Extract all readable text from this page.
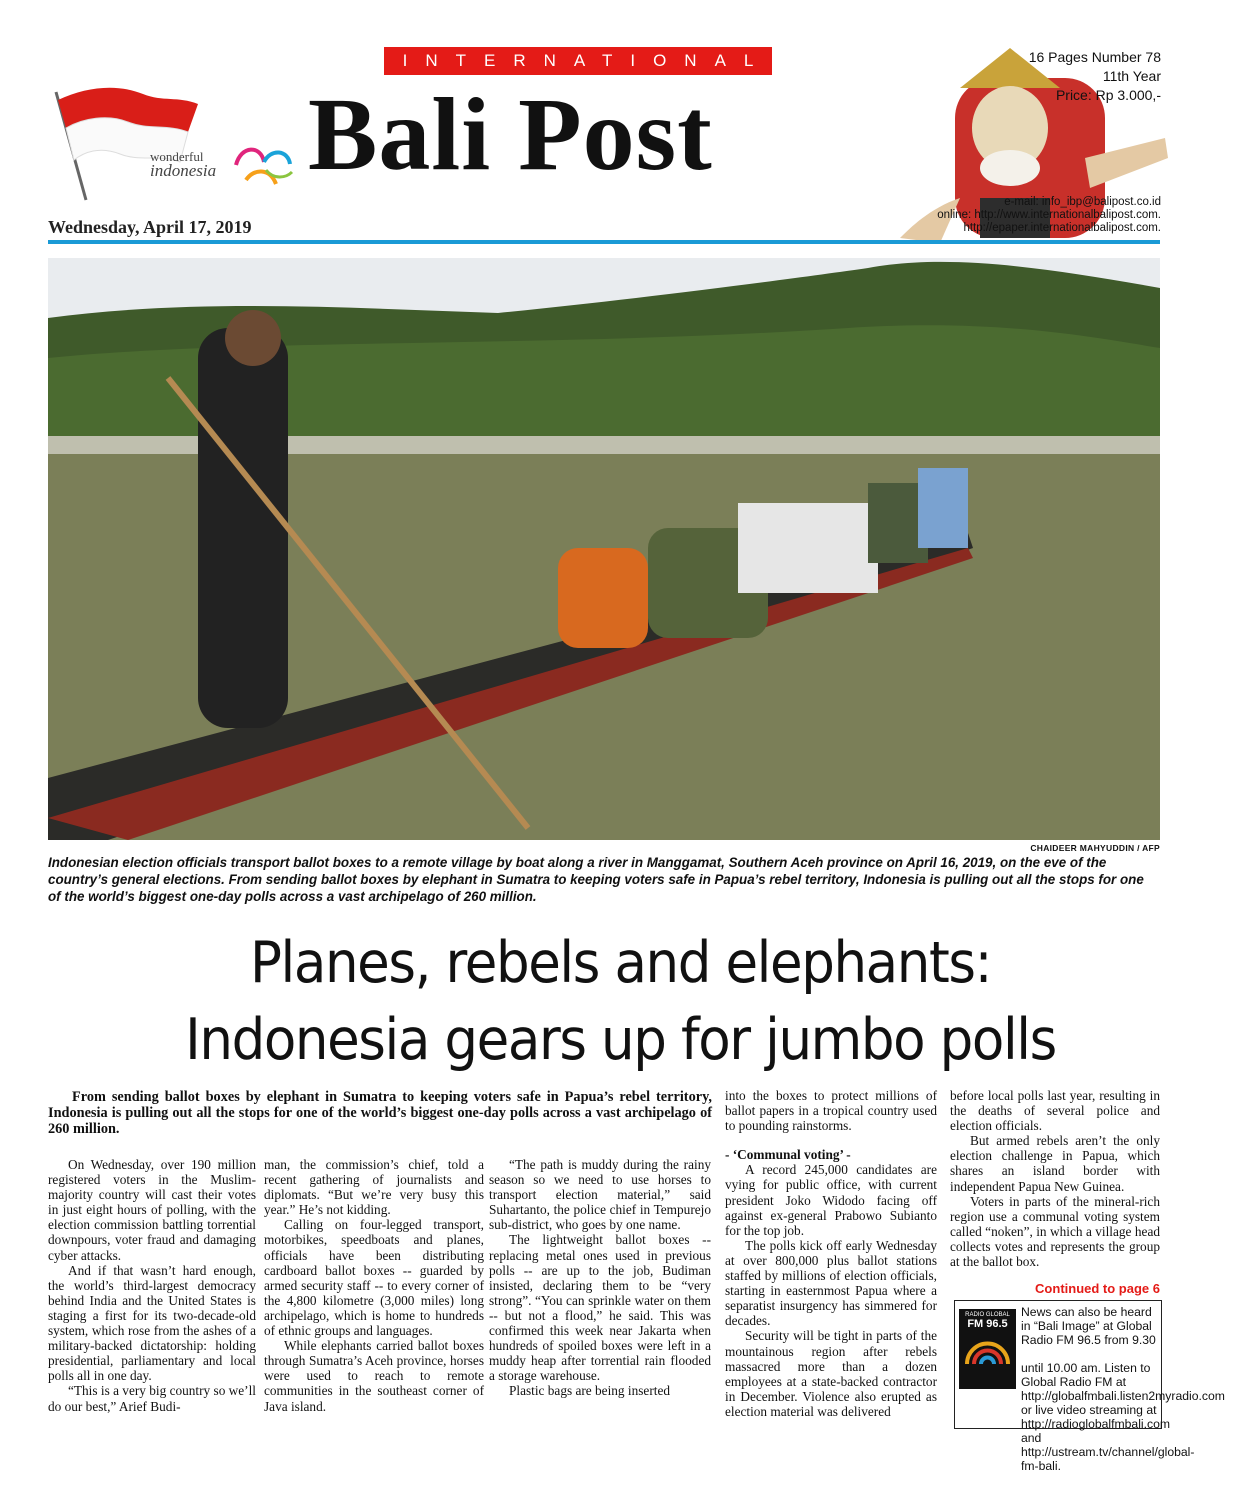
INTERNATIONAL
wonderful
indonesia Bali Post
16 Pages Number 78
11th Year
Price: Rp 3.000,-
e-mail: info_ibp@balipost.co.id
online: http://www.internationalbalipost.com.
http://epaper.internationalbalipost.com.
Wednesday, April 17, 2019
CHAIDEER MAHYUDDIN / AFP
Indonesian election officials transport ballot boxes to a remote village by boat along a river in Manggamat, Southern Aceh province on April 16, 2019, on the eve of the country’s general elections. From sending ballot boxes by elephant in Sumatra to keeping voters safe in Papua’s rebel territory, Indonesia is pulling out all the stops for one of the world’s biggest one-day polls across a vast archipelago of 260 million.
Planes, rebels and elephants:
Indonesia gears up for jumbo polls
From sending ballot boxes by elephant in Sumatra to keeping voters safe in Papua’s rebel territory, Indonesia is pulling out all the stops for one of the world’s biggest one-day polls across a vast archipelago of 260 million.

On Wednesday, over 190 million registered voters in the Muslim-majority country will cast their votes in just eight hours of polling, with the election commission battling torrential downpours, voter fraud and damaging cyber attacks.

And if that wasn’t hard enough, the world’s third-largest democracy behind India and the United States is staging a first for its two-decade-old system, which rose from the ashes of a military-backed dictatorship: holding presidential, parliamentary and local polls all in one day.

“This is a very big country so we’ll do our best,” Arief Budi-

man, the commission’s chief, told a recent gathering of journalists and diplomats. “But we’re very busy this year.” He’s not kidding.

Calling on four-legged transport, motorbikes, speedboats and planes, officials have been distributing cardboard ballot boxes -- guarded by armed security staff -- to every corner of the 4,800 kilometre (3,000 miles) long archipelago, which is home to hundreds of ethnic groups and languages.

While elephants carried ballot boxes through Sumatra’s Aceh province, horses were used to reach to remote communities in the southeast corner of Java island.

“The path is muddy during the rainy season so we need to use horses to transport election material,” said Suhartanto, the police chief in Tempurejo sub-district, who goes by one name.

The lightweight ballot boxes -- replacing metal ones used in previous polls -- are up to the job, Budiman insisted, declaring them to be “very strong”. “You can sprinkle water on them -- but not a flood,” he said. This was confirmed this week near Jakarta when hundreds of spoiled boxes were left in a muddy heap after torrential rain flooded a storage warehouse.

Plastic bags are being inserted

into the boxes to protect millions of ballot papers in a tropical country used to pounding rainstorms.

- ‘Communal voting’ -

A record 245,000 candidates are vying for public office, with current president Joko Widodo facing off against ex-general Prabowo Subianto for the top job.

The polls kick off early Wednesday at over 800,000 plus ballot stations staffed by millions of election officials, starting in easternmost Papua where a separatist insurgency has simmered for decades.

Security will be tight in parts of the mountainous region after rebels massacred more than a dozen employees at a state-backed contractor in December. Violence also erupted as election material was delivered

before local polls last year, resulting in the deaths of several police and election officials.

But armed rebels aren’t the only election challenge in Papua, which shares an island border with independent Papua New Guinea.

Voters in parts of the mineral-rich region use a communal voting system called “noken”, in which a village head collects votes and represents the group at the ballot box.

Continued to page 6
RADIO GLOBAL
FM 96.5
News can also be heard in “Bali Image” at Global Radio FM 96.5 from 9.30
until 10.00 am. Listen to Global Radio FM at http://globalfmbali.listen2myradio.com or live video streaming at http://radioglobalfmbali.com and http://ustream.tv/channel/global-fm-bali.
